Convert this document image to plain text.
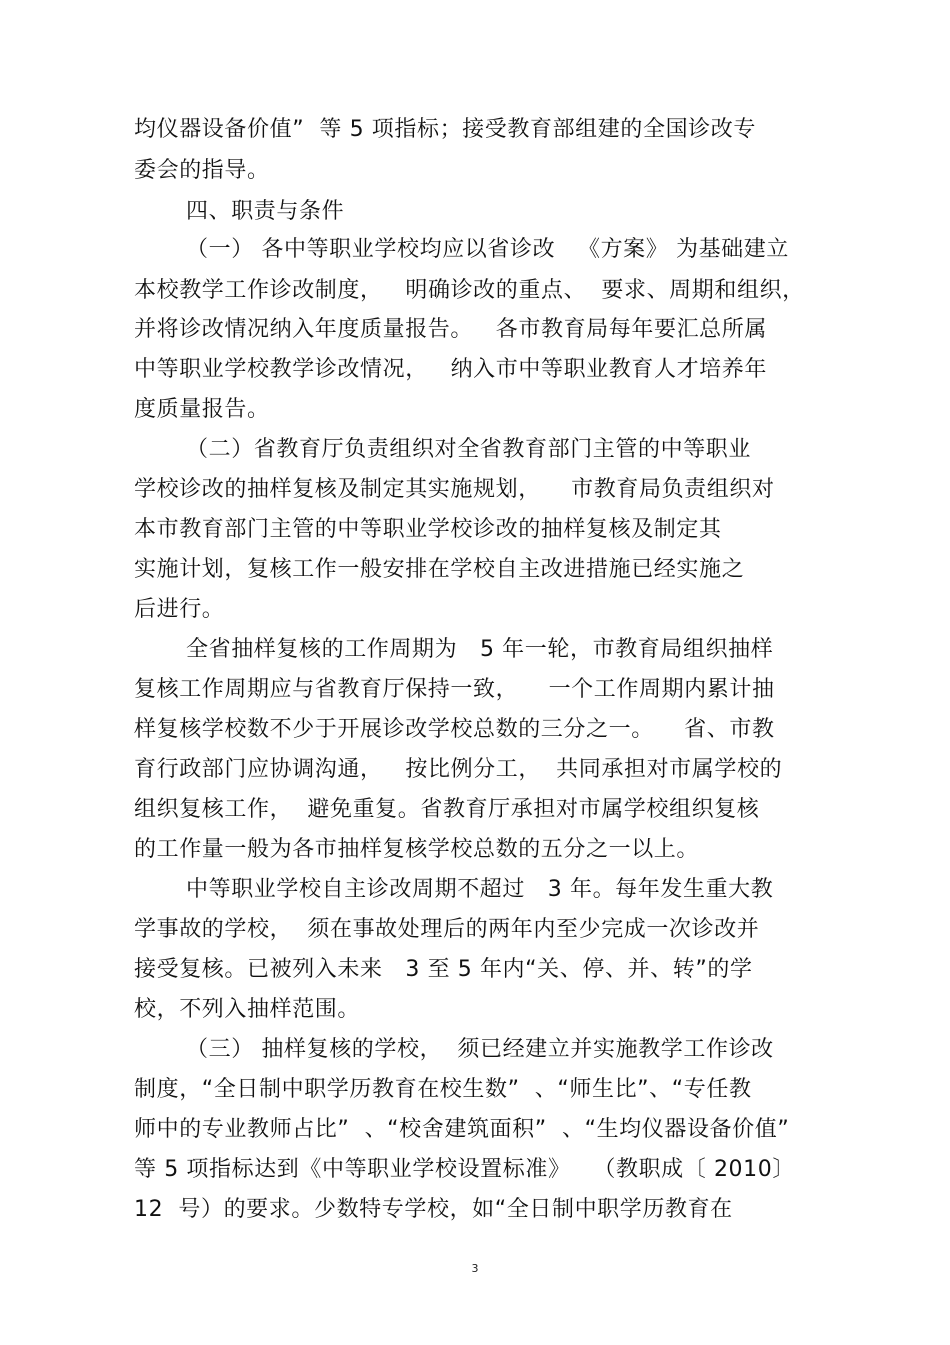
均仪器设备价值”  等 5 项指标；接受教育部组建的全国诊改专
委会的指导。
四、职责与条件
（一） 各中等职业学校均应以省诊改   《方案》 为基础建立
本校教学工作诊改制度，   明确诊改的重点、  要求、周期和组织，
并将诊改情况纳入年度质量报告。   各市教育局每年要汇总所属
中等职业学校教学诊改情况，   纳入市中等职业教育人才培养年
度质量报告。
（二）省教育厅负责组织对全省教育部门主管的中等职业
学校诊改的抽样复核及制定其实施规划，    市教育局负责组织对
本市教育部门主管的中等职业学校诊改的抽样复核及制定其
实施计划，复核工作一般安排在学校自主改进措施已经实施之
后进行。
全省抽样复核的工作周期为   5 年一轮，市教育局组织抽样
复核工作周期应与省教育厅保持一致，    一个工作周期内累计抽
样复核学校数不少于开展诊改学校总数的三分之一。    省、市教
育行政部门应协调沟通，   按比例分工，  共同承担对市属学校的
组织复核工作，  避免重复。省教育厅承担对市属学校组织复核
的工作量一般为各市抽样复核学校总数的五分之一以上。
中等职业学校自主诊改周期不超过   3 年。每年发生重大教
学事故的学校，  须在事故处理后的两年内至少完成一次诊改并
接受复核。已被列入未来   3 至 5 年内“关、停、并、转”的学
校，不列入抽样范围。
（三） 抽样复核的学校，  须已经建立并实施教学工作诊改
制度，“全日制中职学历教育在校生数”  、“师生比”、“专任教
师中的专业教师占比”  、“校舍建筑面积”  、“生均仪器设备价值”
等 5 项指标达到《中等职业学校设置标准》   （教职成〔 2010〕
12  号）的要求。少数特专学校，如“全日制中职学历教育在
3
